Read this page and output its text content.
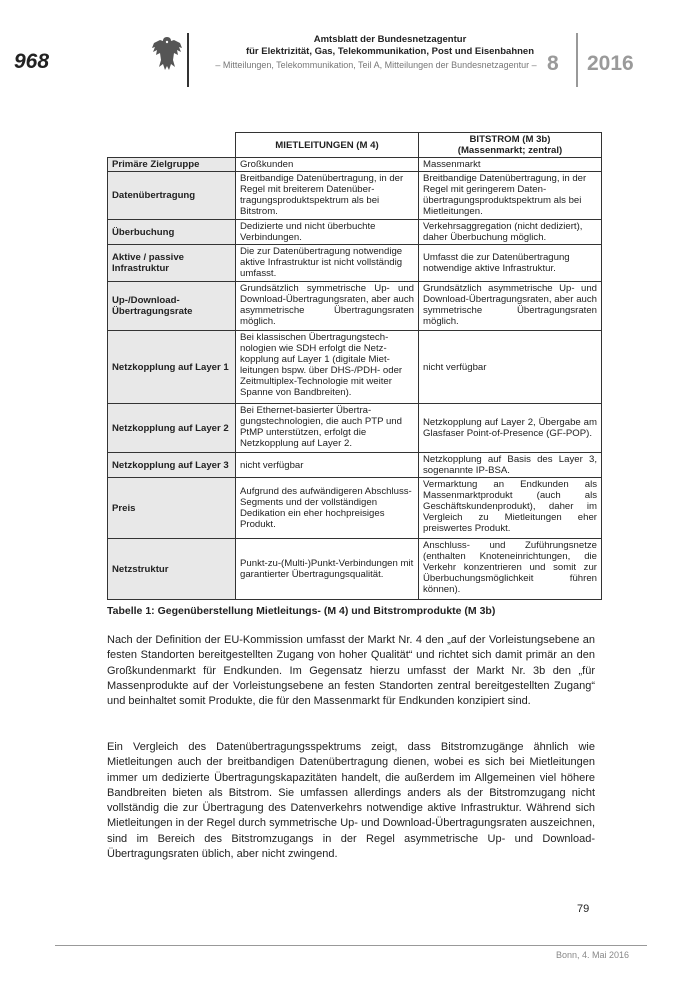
968
Amtsblatt der Bundesnetzagentur
für Elektrizität, Gas, Telekommunikation, Post und Eisenbahnen
– Mitteilungen, Telekommunikation, Teil A, Mitteilungen der Bundesnetzagentur – 8 2016
	MIETLEITUNGEN (M 4)	BITSTROM (M 3b)
(Massenmarkt; zentral)
Primäre Zielgruppe	Großkunden	Massenmarkt
Datenübertragung	Breitbandige Datenübertragung, in der Regel mit breiterem Datenübertragungsproduktspektrum als bei Bitstrom.	Breitbandige Datenübertragung, in der Regel mit geringerem Datenübertragungsproduktspektrum als bei Mietleitungen.
Überbuchung	Dedizierte und nicht überbuchte Verbindungen.	Verkehrsaggregation (nicht dediziert), daher Überbuchung möglich.
Aktive / passive Infrastruktur	Die zur Datenübertragung notwendige aktive Infrastruktur ist nicht vollständig umfasst.	Umfasst die zur Datenübertragung notwendige aktive Infrastruktur.
Up-/Download-Übertragungsrate	Grundsätzlich symmetrische Up- und Download-Übertragungsraten, aber auch asymmetrische Übertragungsraten möglich.	Grundsätzlich asymmetrische Up- und Download-Übertragungsraten, aber auch symmetrische Übertragungsraten möglich.
Netzkopplung auf Layer 1	Bei klassischen Übertragungstechnologien wie SDH erfolgt die Netzkopplung auf Layer 1 (digitale Mietleitungen bspw. über DHS-/PDH- oder Zeitmultiplex-Technologie mit weiter Spanne von Bandbreiten).	nicht verfügbar
Netzkopplung auf Layer 2	Bei Ethernet-basierter Übertragungstechnologien, die auch PTP und PtMP unterstützen, erfolgt die Netzkopplung auf Layer 2.	Netzkopplung auf Layer 2, Übergabe am Glasfaser Point-of-Presence (GF-POP).
Netzkopplung auf Layer 3	nicht verfügbar	Netzkopplung auf Basis des Layer 3, sogenannte IP-BSA.
Preis	Aufgrund des aufwändigeren Abschluss-Segments und der vollständigen Dedikation ein eher hochpreisiges Produkt.	Vermarktung an Endkunden als Massenmarktprodukt (auch als Geschäftskundenprodukt), daher im Vergleich zu Mietleitungen eher preiswertes Produkt.
Netzstruktur	Punkt-zu-(Multi-)Punkt-Verbindungen mit garantierter Übertragungsqualität.	Anschluss- und Zuführungsnetze (enthalten Knoteneinrichtungen, die Verkehr konzentrieren und somit zur Überbuchungsmöglichkeit führen können).
Tabelle 1: Gegenüberstellung Mietleitungs- (M 4) und Bitstromprodukte (M 3b)
Nach der Definition der EU-Kommission umfasst der Markt Nr. 4 den „auf der Vorleistungsebene an festen Standorten bereitgestellten Zugang von hoher Qualität“ und richtet sich damit primär an den Großkundenmarkt für Endkunden. Im Gegensatz hierzu umfasst der Markt Nr. 3b den „für Massenprodukte auf der Vorleistungsebene an festen Standorten zentral bereitgestellten Zugang“ und beinhaltet somit Produkte, die für den Massenmarkt für Endkunden konzipiert sind.
Ein Vergleich des Datenübertragungsspektrums zeigt, dass Bitstromzugänge ähnlich wie Mietleitungen auch der breitbandigen Datenübertragung dienen, wobei es sich bei Mietleitungen immer um dedizierte Übertragungskapazitäten handelt, die außerdem im Allgemeinen viel höhere Bandbreiten bieten als Bitstrom. Sie umfassen allerdings anders als der Bitstromzugang nicht vollständig die zur Übertragung des Datenverkehrs notwendige aktive Infrastruktur. Während sich Mietleitungen in der Regel durch symmetrische Up- und Download-Übertragungsraten auszeichnen, sind im Bereich des Bitstromzugangs in der Regel asymmetrische Up- und Download-Übertragungsraten üblich, aber nicht zwingend.
79
Bonn, 4. Mai 2016
